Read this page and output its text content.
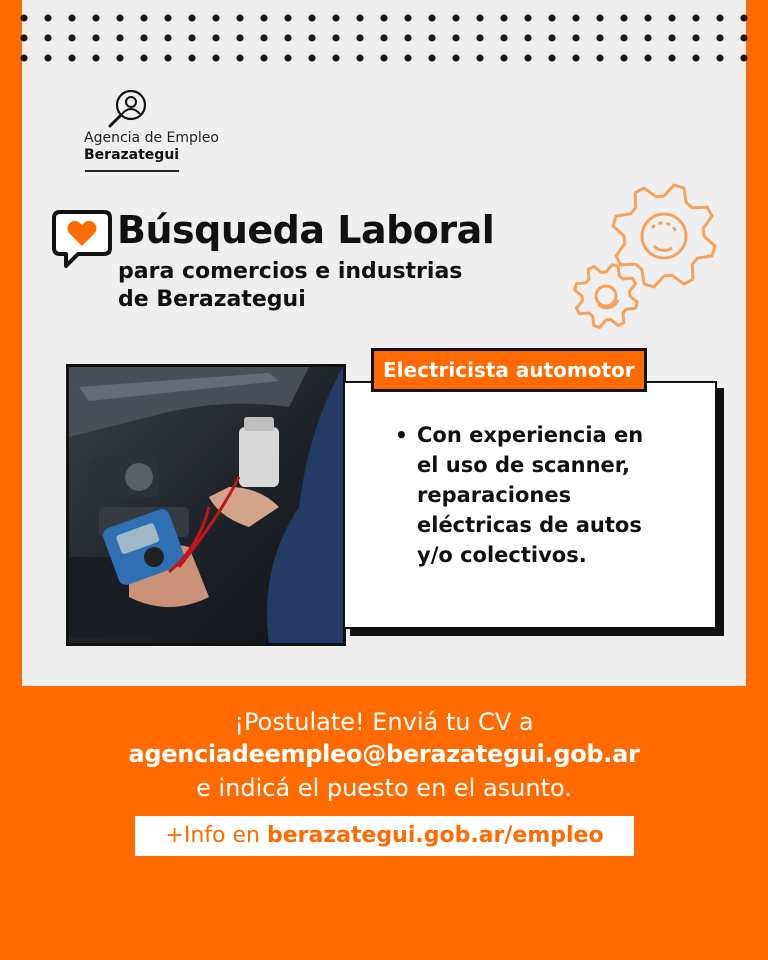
Agencia de Empleo
Berazategui
Búsqueda Laboral
para comercios e industrias
de Berazategui
Electricista automotor
• Con experiencia en
el uso de scanner,
reparaciones
eléctricas de autos
y/o colectivos.
¡Postulate! Enviá tu CV a
agenciadeempleo@berazategui.gob.ar
e indicá el puesto en el asunto.
+Info en berazategui.gob.ar/empleo
